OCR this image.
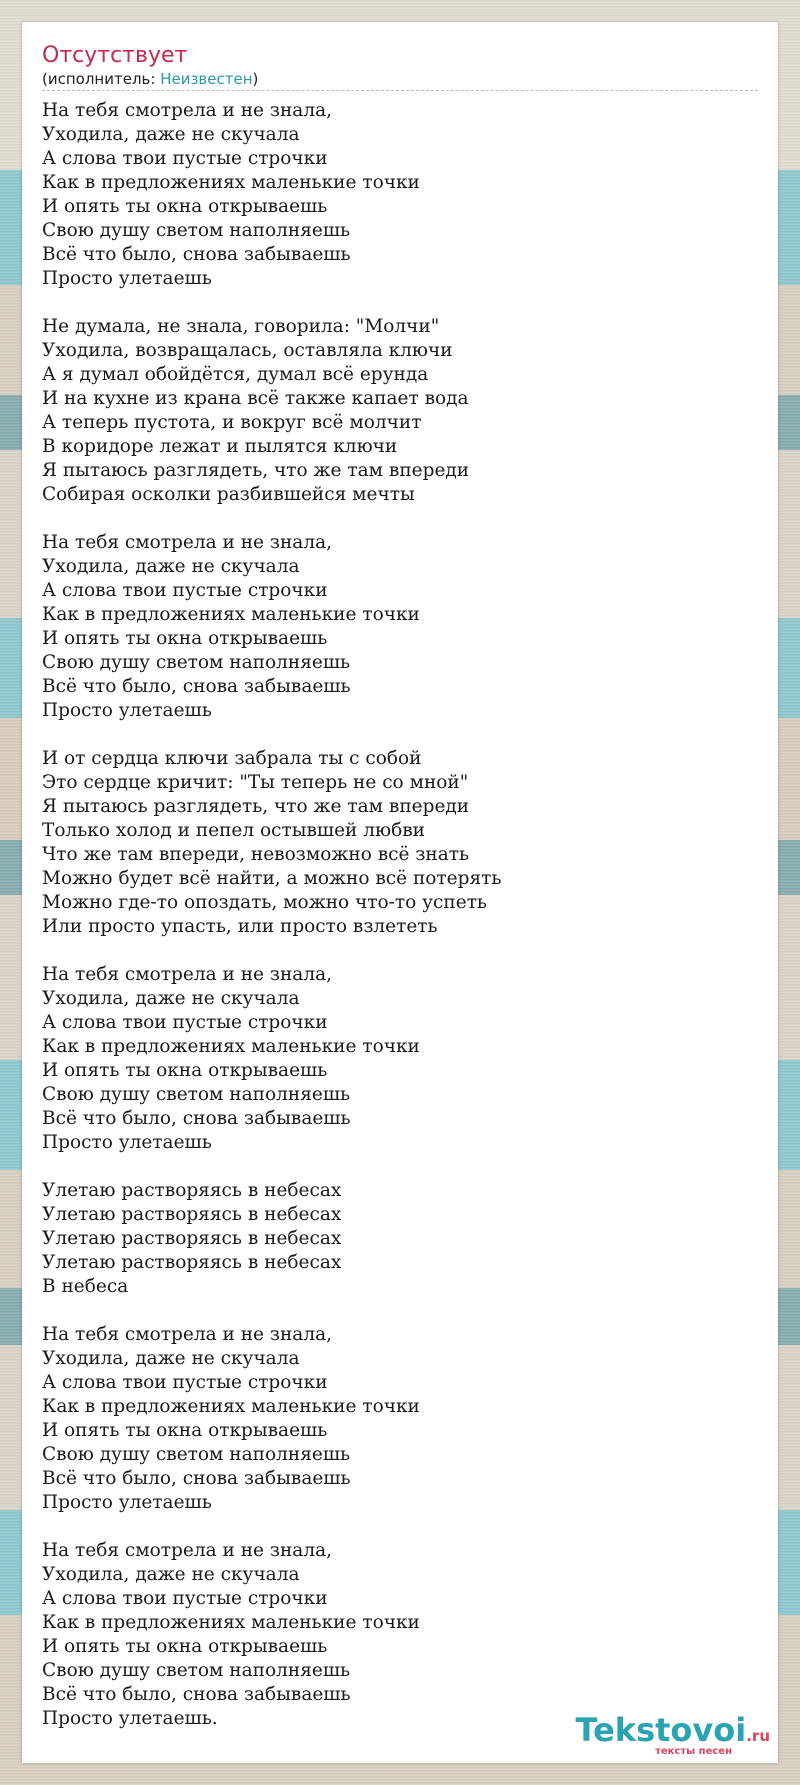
Отсутствует
(исполнитель: Неизвестен)
На тебя смотрела и не знала,
Уходила, даже не скучала
А слова твои пустые строчки
Как в предложениях маленькие точки
И опять ты окна открываешь
Свою душу светом наполняешь
Всё что было, снова забываешь
Просто улетаешь

Не думала, не знала, говорила: "Молчи"
Уходила, возвращалась, оставляла ключи
А я думал обойдётся, думал всё ерунда
И на кухне из крана всё также капает вода
А теперь пустота, и вокруг всё молчит
В коридоре лежат и пылятся ключи
Я пытаюсь разглядеть, что же там впереди
Собирая осколки разбившейся мечты

На тебя смотрела и не знала,
Уходила, даже не скучала
А слова твои пустые строчки
Как в предложениях маленькие точки
И опять ты окна открываешь
Свою душу светом наполняешь
Всё что было, снова забываешь
Просто улетаешь

И от сердца ключи забрала ты с собой
Это сердце кричит: "Ты теперь не со мной"
Я пытаюсь разглядеть, что же там впереди
Только холод и пепел остывшей любви
Что же там впереди, невозможно всё знать
Можно будет всё найти, а можно всё потерять
Можно где-то опоздать, можно что-то успеть
Или просто упасть, или просто взлететь

На тебя смотрела и не знала,
Уходила, даже не скучала
А слова твои пустые строчки
Как в предложениях маленькие точки
И опять ты окна открываешь
Свою душу светом наполняешь
Всё что было, снова забываешь
Просто улетаешь

Улетаю растворяясь в небесах
Улетаю растворяясь в небесах
Улетаю растворяясь в небесах
Улетаю растворяясь в небесах
В небеса

На тебя смотрела и не знала,
Уходила, даже не скучала
А слова твои пустые строчки
Как в предложениях маленькие точки
И опять ты окна открываешь
Свою душу светом наполняешь
Всё что было, снова забываешь
Просто улетаешь

На тебя смотрела и не знала,
Уходила, даже не скучала
А слова твои пустые строчки
Как в предложениях маленькие точки
И опять ты окна открываешь
Свою душу светом наполняешь
Всё что было, снова забываешь
Просто улетаешь.	Tekstovoi.ru
тексты песен
